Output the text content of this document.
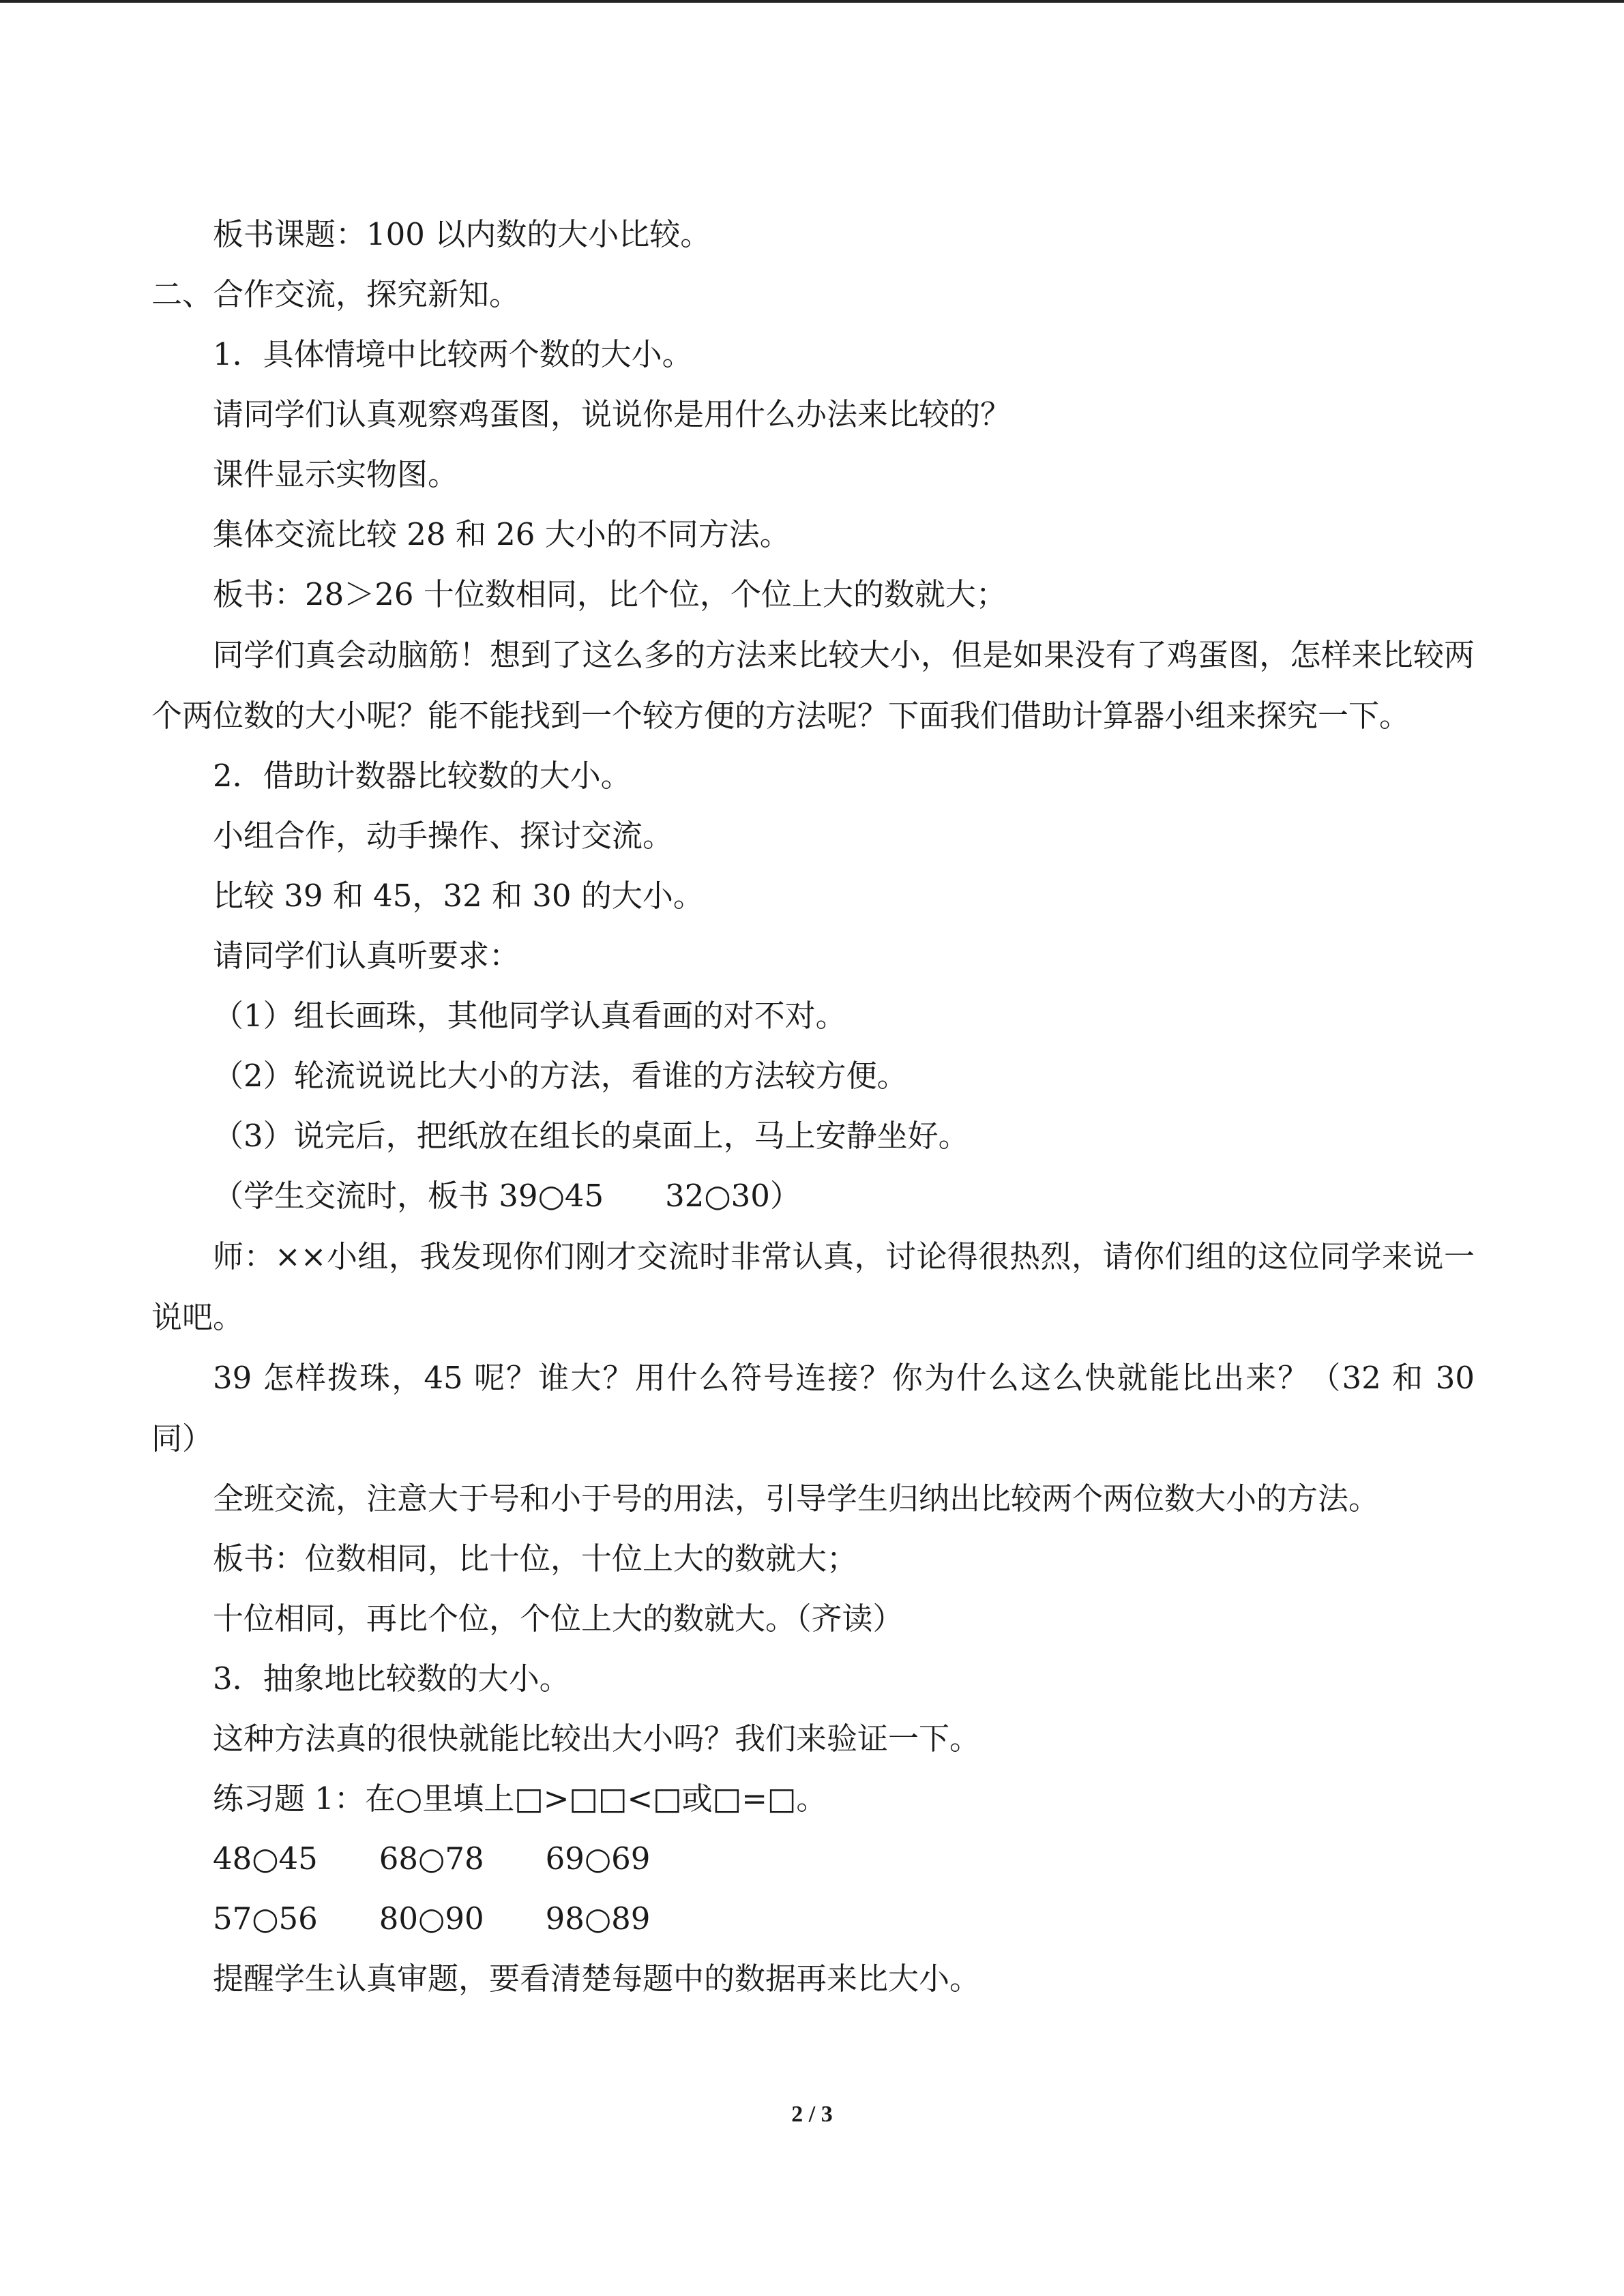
板书课题：100 以内数的大小比较。

二、合作交流，探究新知。

1．具体情境中比较两个数的大小。

请同学们认真观察鸡蛋图，说说你是用什么办法来比较的？

课件显示实物图。

集体交流比较 28 和 26 大小的不同方法。

板书：28＞26 十位数相同，比个位，个位上大的数就大；

同学们真会动脑筋！想到了这么多的方法来比较大小，但是如果没有了鸡蛋图，怎样来比较两个两位数的大小呢？能不能找到一个较方便的方法呢？下面我们借助计算器小组来探究一下。

2．借助计数器比较数的大小。

小组合作，动手操作、探讨交流。

比较 39 和 45，32 和 30 的大小。

请同学们认真听要求：

（1）组长画珠，其他同学认真看画的对不对。

（2）轮流说说比大小的方法，看谁的方法较方便。

（3）说完后，把纸放在组长的桌面上，马上安静坐好。

（学生交流时，板书 39○45　　32○30）

师：××小组，我发现你们刚才交流时非常认真，讨论得很热烈，请你们组的这位同学来说一说吧。

39 怎样拨珠，45 呢？谁大？用什么符号连接？你为什么这么快就能比出来？（32 和 30 同）

全班交流，注意大于号和小于号的用法，引导学生归纳出比较两个两位数大小的方法。

板书：位数相同，比十位，十位上大的数就大；

十位相同，再比个位，个位上大的数就大。（齐读）

3．抽象地比较数的大小。

这种方法真的很快就能比较出大小吗？我们来验证一下。

练习题 1：在○里填上□>□□<□或□=□。

48○45　　68○78　　69○69

57○56　　80○90　　98○89

提醒学生认真审题，要看清楚每题中的数据再来比大小。

2 / 3
